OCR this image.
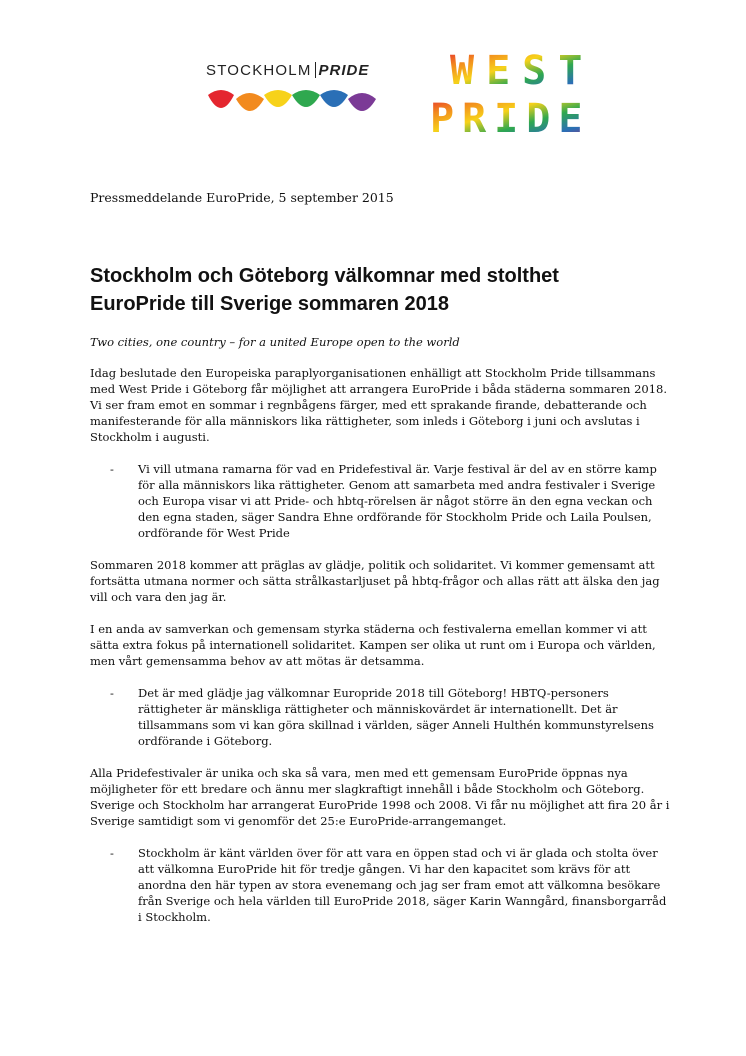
STOCKHOLM PRIDE	WEST
PRIDE
Pressmeddelande EuroPride, 5 september 2015
Stockholm och Göteborg välkomnar med stolthet
EuroPride till Sverige sommaren 2018
Two cities, one country – for a united Europe open to the world

Idag beslutade den Europeiska paraplyorganisationen enhälligt att Stockholm Pride tillsammans med West Pride i Göteborg får möjlighet att arrangera EuroPride i båda städerna sommaren 2018. Vi ser fram emot en sommar i regnbågens färger, med ett sprakande firande, debatterande och manifesterande för alla människors lika rättigheter, som inleds i Göteborg i juni och avslutas i Stockholm i augusti.

-	Vi vill utmana ramarna för vad en Pridefestival är. Varje festival är del av en större kamp för alla människors lika rättigheter. Genom att samarbeta med andra festivaler i Sverige och Europa visar vi att Pride- och hbtq-rörelsen är något större än den egna veckan och den egna staden, säger Sandra Ehne ordförande för Stockholm Pride och Laila Poulsen, ordförande för West Pride

Sommaren 2018 kommer att präglas av glädje, politik och solidaritet. Vi kommer gemensamt att fortsätta utmana normer och sätta strålkastarljuset på hbtq-frågor och allas rätt att älska den jag vill och vara den jag är.

I en anda av samverkan och gemensam styrka städerna och festivalerna emellan kommer vi att sätta extra fokus på internationell solidaritet. Kampen ser olika ut runt om i Europa och världen, men vårt gemensamma behov av att mötas är detsamma.

-	Det är med glädje jag välkomnar Europride 2018 till Göteborg! HBTQ-personers rättigheter är mänskliga rättigheter och människovärdet är internationellt. Det är tillsammans som vi kan göra skillnad i världen, säger Anneli Hulthén kommunstyrelsens ordförande i Göteborg.

Alla Pridefestivaler är unika och ska så vara, men med ett gemensam EuroPride öppnas nya möjligheter för ett bredare och ännu mer slagkraftigt innehåll i både Stockholm och Göteborg. Sverige och Stockholm har arrangerat EuroPride 1998 och 2008. Vi får nu möjlighet att fira 20 år i Sverige samtidigt som vi genomför det 25:e EuroPride-arrangemanget.

-	Stockholm är känt världen över för att vara en öppen stad och vi är glada och stolta över att välkomna EuroPride hit för tredje gången. Vi har den kapacitet som krävs för att anordna den här typen av stora evenemang och jag ser fram emot att välkomna besökare från Sverige och hela världen till EuroPride 2018, säger Karin Wanngård, finansborgarråd i Stockholm.
